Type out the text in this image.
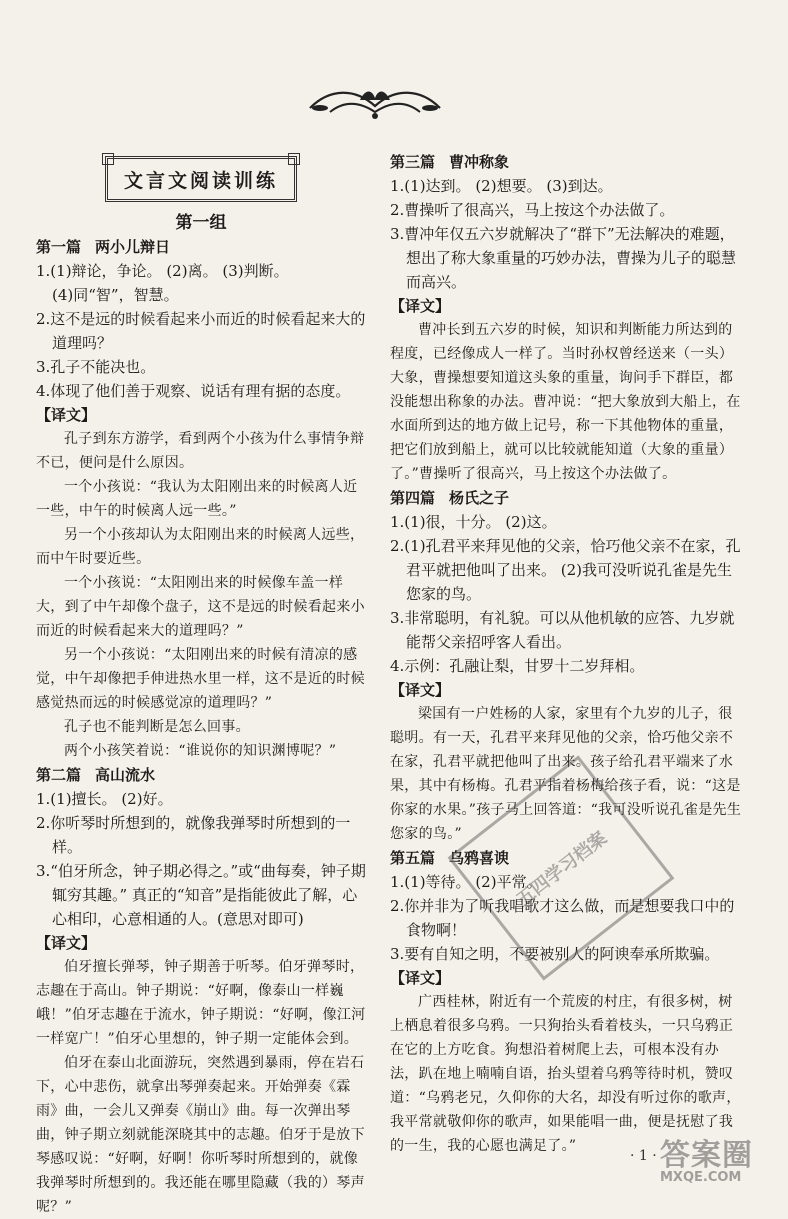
文言文阅读训练
第一组
第一篇 两小儿辩日
1.(1)辩论，争论。 (2)离。 (3)判断。
(4)同“智”，智慧。
2.这不是远的时候看起来小而近的时候看起来大的道理吗？
3.孔子不能决也。
4.体现了他们善于观察、说话有理有据的态度。
【译文】
孔子到东方游学，看到两个小孩为什么事情争辩不已，便问是什么原因。
一个小孩说：“我认为太阳刚出来的时候离人近一些，中午的时候离人远一些。”
另一个小孩却认为太阳刚出来的时候离人远些，而中午时要近些。
一个小孩说：“太阳刚出来的时候像车盖一样大，到了中午却像个盘子，这不是远的时候看起来小而近的时候看起来大的道理吗？”
另一个小孩说：“太阳刚出来的时候有清凉的感觉，中午却像把手伸进热水里一样，这不是近的时候感觉热而远的时候感觉凉的道理吗？”
孔子也不能判断是怎么回事。
两个小孩笑着说：“谁说你的知识渊博呢？”
第二篇 高山流水
1.(1)擅长。 (2)好。
2.你听琴时所想到的，就像我弹琴时所想到的一样。
3.“伯牙所念，钟子期必得之。”或“曲每奏，钟子期辄穷其趣。” 真正的“知音”是指能彼此了解，心心相印，心意相通的人。(意思对即可)
【译文】
伯牙擅长弹琴，钟子期善于听琴。伯牙弹琴时，志趣在于高山。钟子期说：“好啊，像泰山一样巍峨！”伯牙志趣在于流水，钟子期说：“好啊，像江河一样宽广！”伯牙心里想的，钟子期一定能体会到。
伯牙在泰山北面游玩，突然遇到暴雨，停在岩石下，心中悲伤，就拿出琴弹奏起来。开始弹奏《霖雨》曲，一会儿又弹奏《崩山》曲。每一次弹出琴曲，钟子期立刻就能深晓其中的志趣。伯牙于是放下琴感叹说：“好啊，好啊！你听琴时所想到的，就像我弹琴时所想到的。我还能在哪里隐藏（我的）琴声呢？”
第三篇 曹冲称象
1.(1)达到。 (2)想要。 (3)到达。
2.曹操听了很高兴，马上按这个办法做了。
3.曹冲年仅五六岁就解决了“群下”无法解决的难题，想出了称大象重量的巧妙办法，曹操为儿子的聪慧而高兴。
【译文】
曹冲长到五六岁的时候，知识和判断能力所达到的程度，已经像成人一样了。当时孙权曾经送来（一头）大象，曹操想要知道这头象的重量，询问手下群臣，都没能想出称象的办法。曹冲说：“把大象放到大船上，在水面所到达的地方做上记号，称一下其他物体的重量，把它们放到船上，就可以比较就能知道（大象的重量）了。”曹操听了很高兴，马上按这个办法做了。
第四篇 杨氏之子
1.(1)很，十分。 (2)这。
2.(1)孔君平来拜见他的父亲，恰巧他父亲不在家，孔君平就把他叫了出来。 (2)我可没听说孔雀是先生您家的鸟。
3.非常聪明，有礼貌。可以从他机敏的应答、九岁就能帮父亲招呼客人看出。
4.示例：孔融让梨，甘罗十二岁拜相。
【译文】
梁国有一户姓杨的人家，家里有个九岁的儿子，很聪明。有一天，孔君平来拜见他的父亲，恰巧他父亲不在家，孔君平就把他叫了出来。孩子给孔君平端来了水果，其中有杨梅。孔君平指着杨梅给孩子看，说：“这是你家的水果。”孩子马上回答道：“我可没听说孔雀是先生您家的鸟。”
第五篇 乌鸦喜谀
1.(1)等待。 (2)平常。
2.你并非为了听我唱歌才这么做，而是想要我口中的食物啊！
3.要有自知之明，不要被别人的阿谀奉承所欺骗。
【译文】
广西桂林，附近有一个荒废的村庄，有很多树，树上栖息着很多乌鸦。一只狗抬头看着枝头，一只乌鸦正在它的上方吃食。狗想沿着树爬上去，可根本没有办法，趴在地上喃喃自语，抬头望着乌鸦等待时机，赞叹道：“乌鸦老兄，久仰你的大名，却没有听过你的歌声，我平常就敬仰你的歌声，如果能唱一曲，便是抚慰了我的一生，我的心愿也满足了。”
五四学习档案
· 1 · 答案圈
MXQE.COM
